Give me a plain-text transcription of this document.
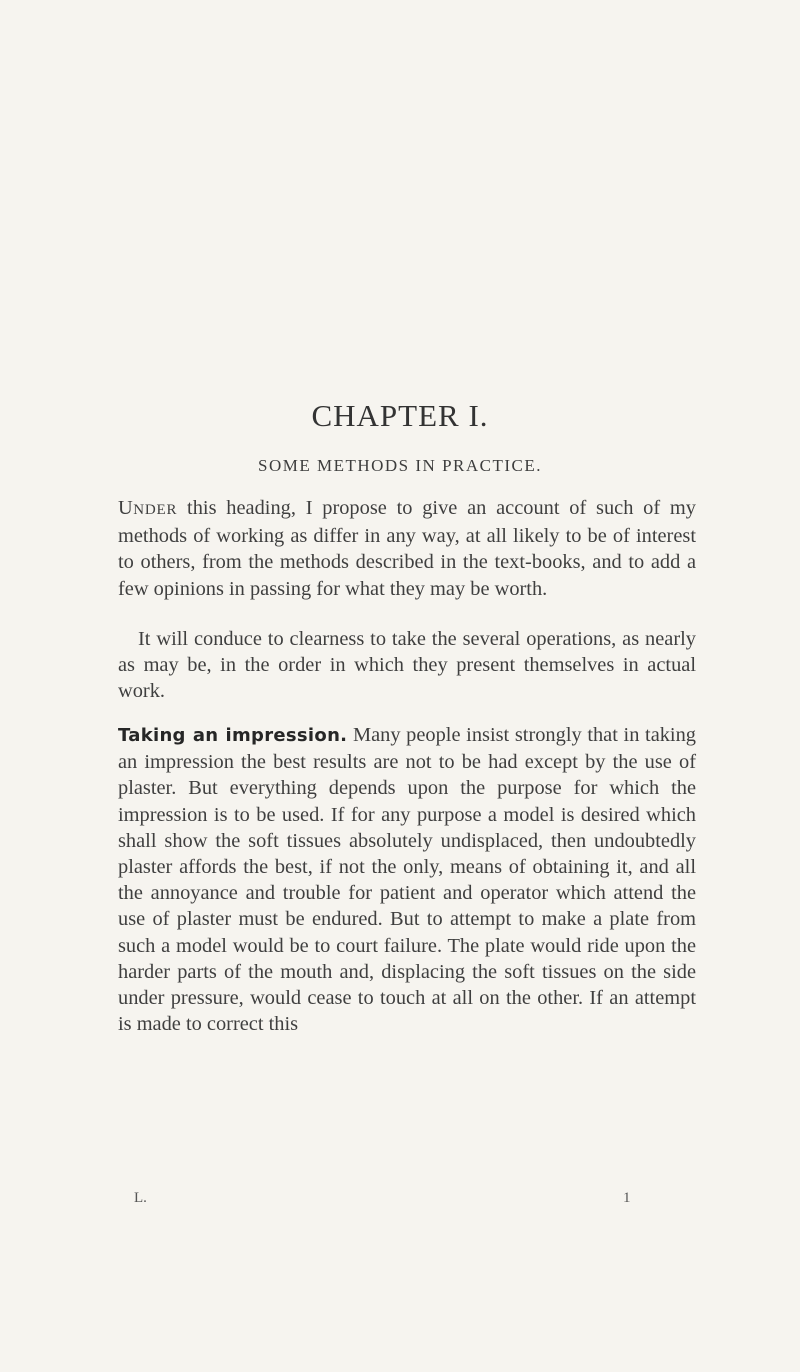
CHAPTER I.
SOME METHODS IN PRACTICE.

UNDER this heading, I propose to give an account of such of my methods of working as differ in any way, at all likely to be of interest to others, from the methods described in the text-books, and to add a few opinions in passing for what they may be worth.

It will conduce to clearness to take the several operations, as nearly as may be, in the order in which they present themselves in actual work.

Taking an impression. Many people insist strongly that in taking an impression the best results are not to be had except by the use of plaster. But everything depends upon the purpose for which the impression is to be used. If for any purpose a model is desired which shall show the soft tissues absolutely undisplaced, then undoubtedly plaster affords the best, if not the only, means of obtaining it, and all the annoyance and trouble for patient and operator which attend the use of plaster must be endured. But to attempt to make a plate from such a model would be to court failure. The plate would ride upon the harder parts of the mouth and, displacing the soft tissues on the side under pressure, would cease to touch at all on the other. If an attempt is made to correct this

L.	1
